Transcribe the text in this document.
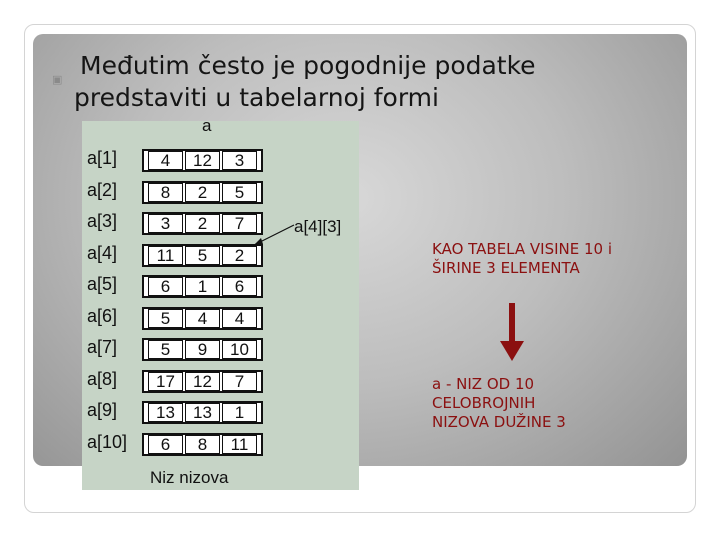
▣ Međutim često je pogodnije podatke
predstaviti u tabelarnoj formi
a
a[1]	4	12	3
a[2]	8	2	5
a[3]	3	2	7
a[4]	11	5	2
a[5]	6	1	6
a[6]	5	4	4
a[7]	5	9	10
a[8]	17	12	7
a[9]	13	13	1
a[10]	6	8	11
a[4][3]
Niz nizova
KAO TABELA VISINE 10 i
ŠIRINE 3 ELEMENTA
a - NIZ OD 10
CELOBROJNIH
NIZOVA DUŽINE 3
